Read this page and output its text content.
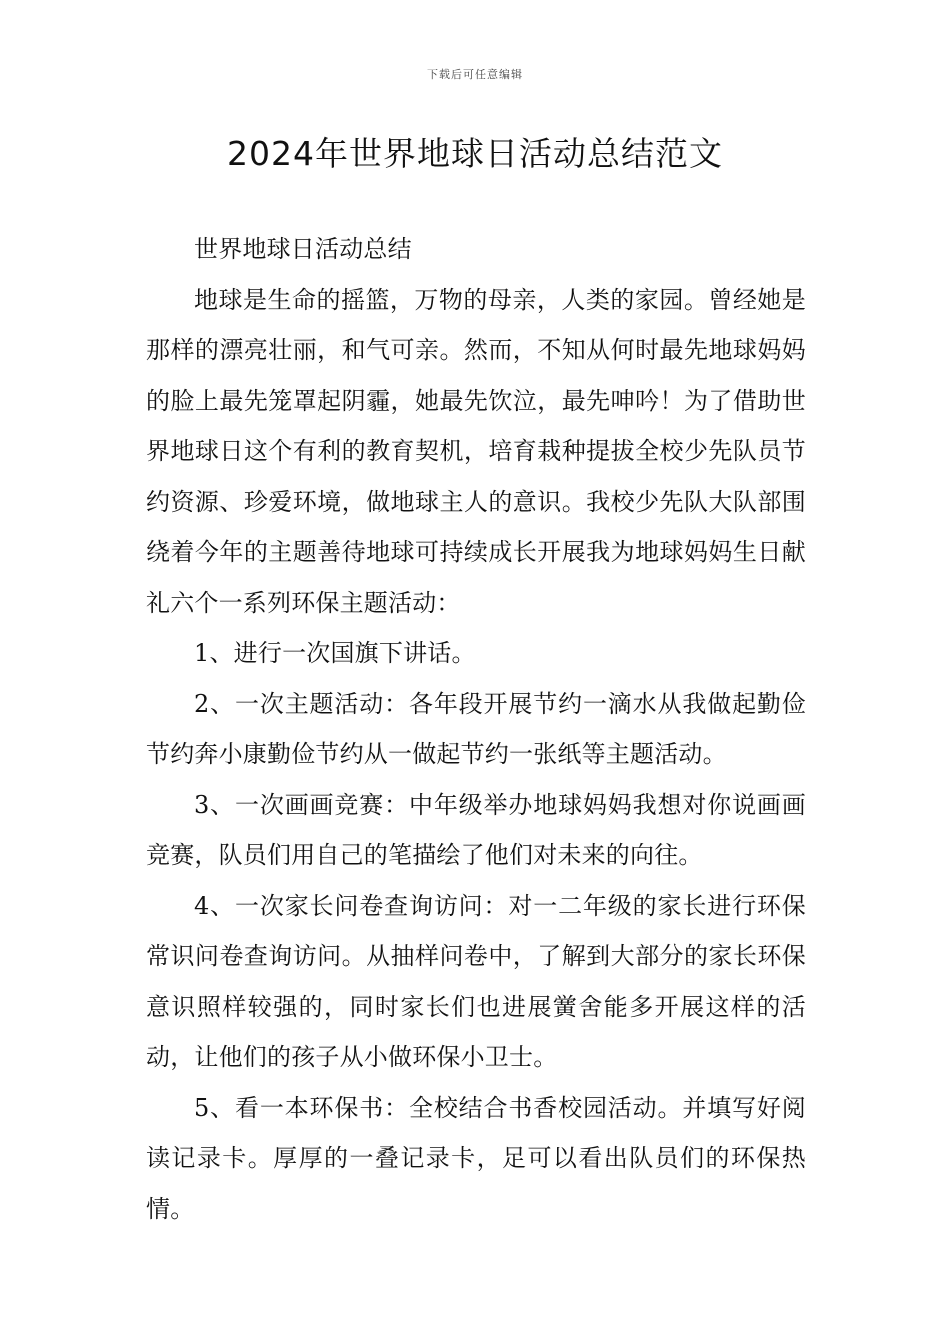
下载后可任意编辑
2024年世界地球日活动总结范文

世界地球日活动总结

地球是生命的摇篮，万物的母亲，人类的家园。曾经她是那样的漂亮壮丽，和气可亲。然而，不知从何时最先地球妈妈的脸上最先笼罩起阴霾，她最先饮泣，最先呻吟！为了借助世界地球日这个有利的教育契机，培育栽种提拔全校少先队员节约资源、珍爱环境，做地球主人的意识。我校少先队大队部围绕着今年的主题善待地球可持续成长开展我为地球妈妈生日献礼六个一系列环保主题活动：

1、进行一次国旗下讲话。

2、一次主题活动：各年段开展节约一滴水从我做起勤俭节约奔小康勤俭节约从一做起节约一张纸等主题活动。

3、一次画画竞赛：中年级举办地球妈妈我想对你说画画竞赛，队员们用自己的笔描绘了他们对未来的向往。

4、一次家长问卷查询访问：对一二年级的家长进行环保常识问卷查询访问。从抽样问卷中，了解到大部分的家长环保意识照样较强的，同时家长们也进展黉舍能多开展这样的活动，让他们的孩子从小做环保小卫士。

5、看一本环保书：全校结合书香校园活动。并填写好阅读记录卡。厚厚的一叠记录卡，足可以看出队员们的环保热情。
